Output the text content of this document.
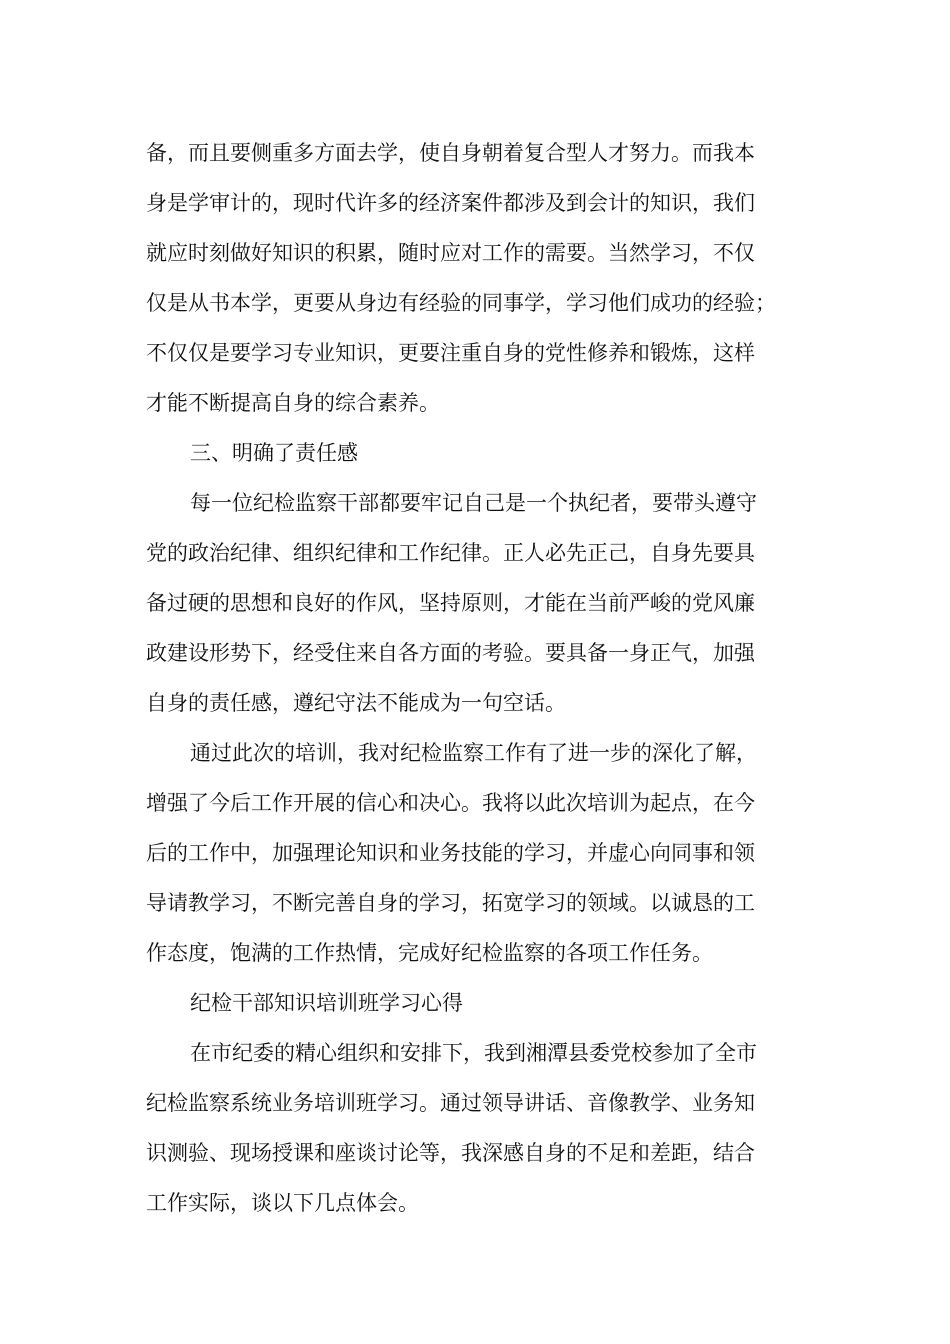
备，而且要侧重多方面去学，使自身朝着复合型人才努力。而我本
身是学审计的，现时代许多的经济案件都涉及到会计的知识，我们
就应时刻做好知识的积累，随时应对工作的需要。当然学习，不仅
仅是从书本学，更要从身边有经验的同事学，学习他们成功的经验；
不仅仅是要学习专业知识，更要注重自身的党性修养和锻炼，这样
才能不断提高自身的综合素养。
三、明确了责任感
每一位纪检监察干部都要牢记自己是一个执纪者，要带头遵守
党的政治纪律、组织纪律和工作纪律。正人必先正己，自身先要具
备过硬的思想和良好的作风，坚持原则，才能在当前严峻的党风廉
政建设形势下，经受住来自各方面的考验。要具备一身正气，加强
自身的责任感，遵纪守法不能成为一句空话。
通过此次的培训，我对纪检监察工作有了进一步的深化了解，
增强了今后工作开展的信心和决心。我将以此次培训为起点，在今
后的工作中，加强理论知识和业务技能的学习，并虚心向同事和领
导请教学习，不断完善自身的学习，拓宽学习的领域。以诚恳的工
作态度，饱满的工作热情，完成好纪检监察的各项工作任务。
纪检干部知识培训班学习心得
在市纪委的精心组织和安排下，我到湘潭县委党校参加了全市
纪检监察系统业务培训班学习。通过领导讲话、音像教学、业务知
识测验、现场授课和座谈讨论等，我深感自身的不足和差距，结合
工作实际，谈以下几点体会。
